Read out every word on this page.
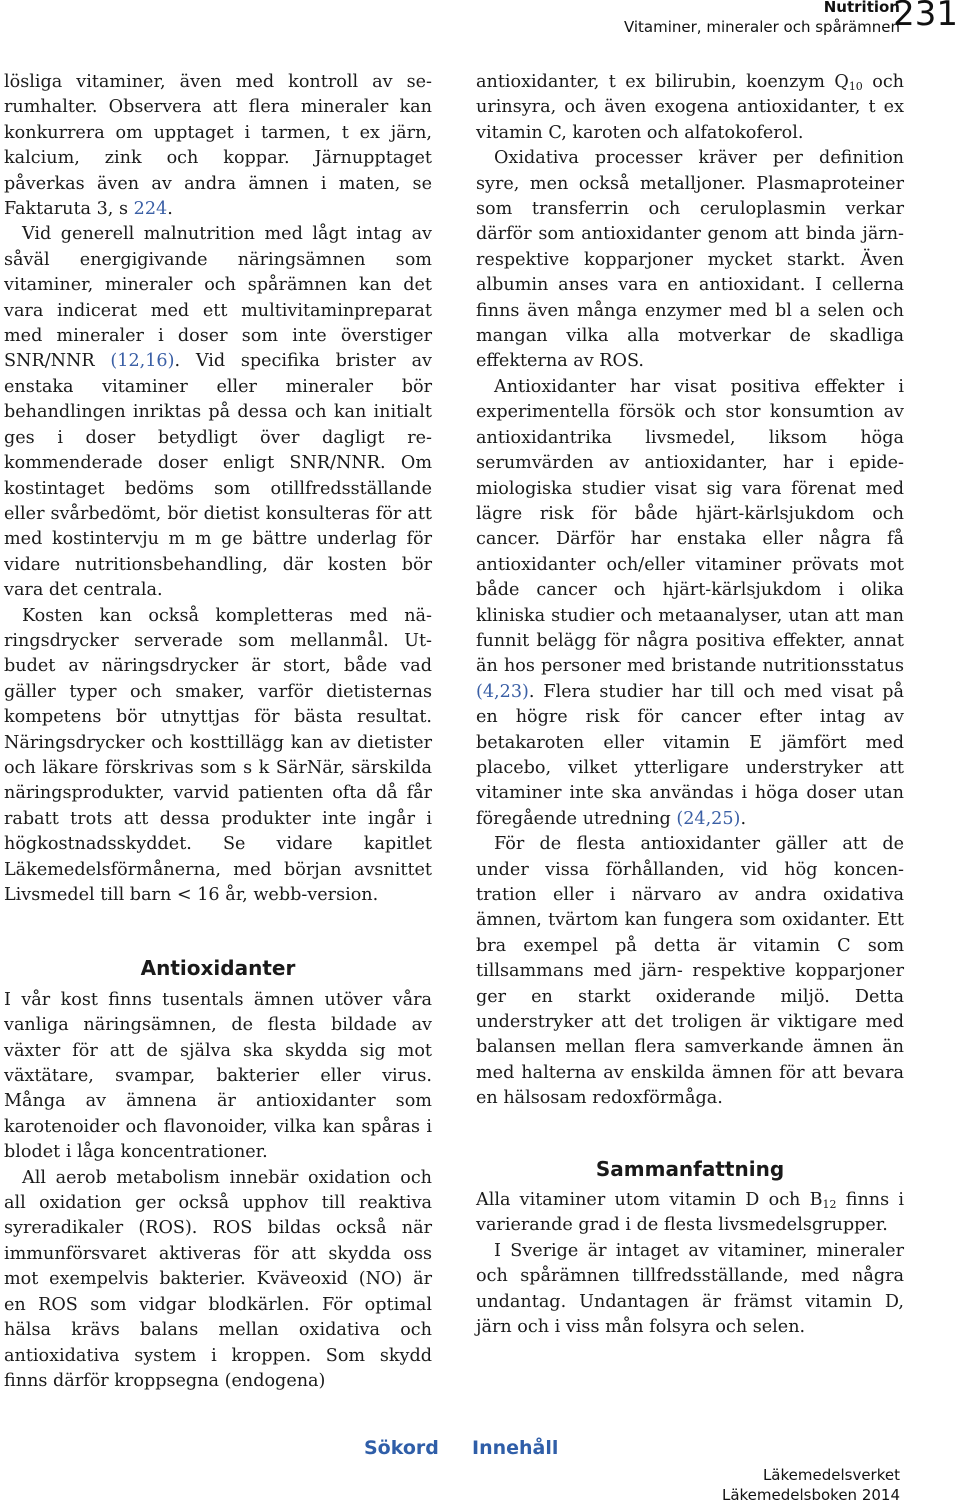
Nutrition
Vitaminer, mineraler och spårämnen
231

lösliga vitaminer, även med kontroll av serumhalter. Observera att flera mineraler kan konkurrera om upptaget i tarmen, t ex järn, kalcium, zink och koppar. Järnupptaget påverkas även av andra ämnen i maten, se Faktaruta 3, s 224.

Vid generell malnutrition med lågt intag av såväl energigivande näringsämnen som vitaminer, mineraler och spårämnen kan det vara indicerat med ett multivitaminpreparat med mineraler i doser som inte överstiger SNR/NNR (12,16). Vid specifika brister av enstaka vitaminer eller mineraler bör behandlingen inriktas på dessa och kan initialt ges i doser betydligt över dagligt rekommenderade doser enligt SNR/NNR. Om kostintaget bedöms som otillfredsställande eller svårbedömt, bör dietist konsulteras för att med kostintervju m m ge bättre underlag för vidare nutritionsbehandling, där kosten bör vara det centrala.

Kosten kan också kompletteras med näringsdrycker serverade som mellanmål. Utbudet av näringsdrycker är stort, både vad gäller typer och smaker, varför dietisternas kompetens bör utnyttjas för bästa resultat. Näringsdrycker och kosttillägg kan av dietister och läkare förskrivas som s k SärNär, särskilda näringsprodukter, varvid patienten ofta då får rabatt trots att dessa produkter inte ingår i högkostnadsskyddet. Se vidare kapitlet Läkemedelsförmånerna, med början avsnittet Livsmedel till barn < 16 år, webb-version.

Antioxidanter

I vår kost finns tusentals ämnen utöver våra vanliga näringsämnen, de flesta bildade av växter för att de själva ska skydda sig mot växtätare, svampar, bakterier eller virus. Många av ämnena är antioxidanter som karotenoider och flavonoider, vilka kan spåras i blodet i låga koncentrationer.

All aerob metabolism innebär oxidation och all oxidation ger också upphov till reaktiva syreradikaler (ROS). ROS bildas också när immunförsvaret aktiveras för att skydda oss mot exempelvis bakterier. Kväveoxid (NO) är en ROS som vidgar blodkärlen. För optimal hälsa krävs balans mellan oxidativa och antioxidativa system i kroppen. Som skydd finns därför kroppsegna (endogena)

antioxidanter, t ex bilirubin, koenzym $Q_{10}$ och urinsyra, och även exogena antioxidanter, t ex vitamin C, karoten och alfatokoferol.

Oxidativa processer kräver per definition syre, men också metalljoner. Plasmaproteiner som transferrin och ceruloplasmin verkar därför som antioxidanter genom att binda järn- respektive kopparjoner mycket starkt. Även albumin anses vara en antioxidant. I cellerna finns även många enzymer med bl a selen och mangan vilka alla motverkar de skadliga effekterna av ROS.

Antioxidanter har visat positiva effekter i experimentella försök och stor konsumtion av antioxidantrika livsmedel, liksom höga serumvärden av antioxidanter, har i epidemiologiska studier visat sig vara förenat med lägre risk för både hjärt-kärlsjukdom och cancer. Därför har enstaka eller några få antioxidanter och/eller vitaminer prövats mot både cancer och hjärt-kärlsjukdom i olika kliniska studier och metaanalyser, utan att man funnit belägg för några positiva effekter, annat än hos personer med bristande nutritionsstatus (4,23). Flera studier har till och med visat på en högre risk för cancer efter intag av betakaroten eller vitamin E jämfört med placebo, vilket ytterligare understryker att vitaminer inte ska användas i höga doser utan föregående utredning (24,25).

För de flesta antioxidanter gäller att de under vissa förhållanden, vid hög koncentration eller i närvaro av andra oxidativa ämnen, tvärtom kan fungera som oxidanter. Ett bra exempel på detta är vitamin C som tillsammans med järn- respektive kopparjoner ger en starkt oxiderande miljö. Detta understryker att det troligen är viktigare med balansen mellan flera samverkande ämnen än med halterna av enskilda ämnen för att bevara en hälsosam redoxförmåga.

Sammanfattning

Alla vitaminer utom vitamin D och $B_{12}$ finns i varierande grad i de flesta livsmedelsgrupper.

I Sverige är intaget av vitaminer, mineraler och spårämnen tillfredsställande, med några undantag. Undantagen är främst vitamin D, järn och i viss mån folsyra och selen.

Sökord Innehåll
Läkemedelsverket
Läkemedelsboken 2014
